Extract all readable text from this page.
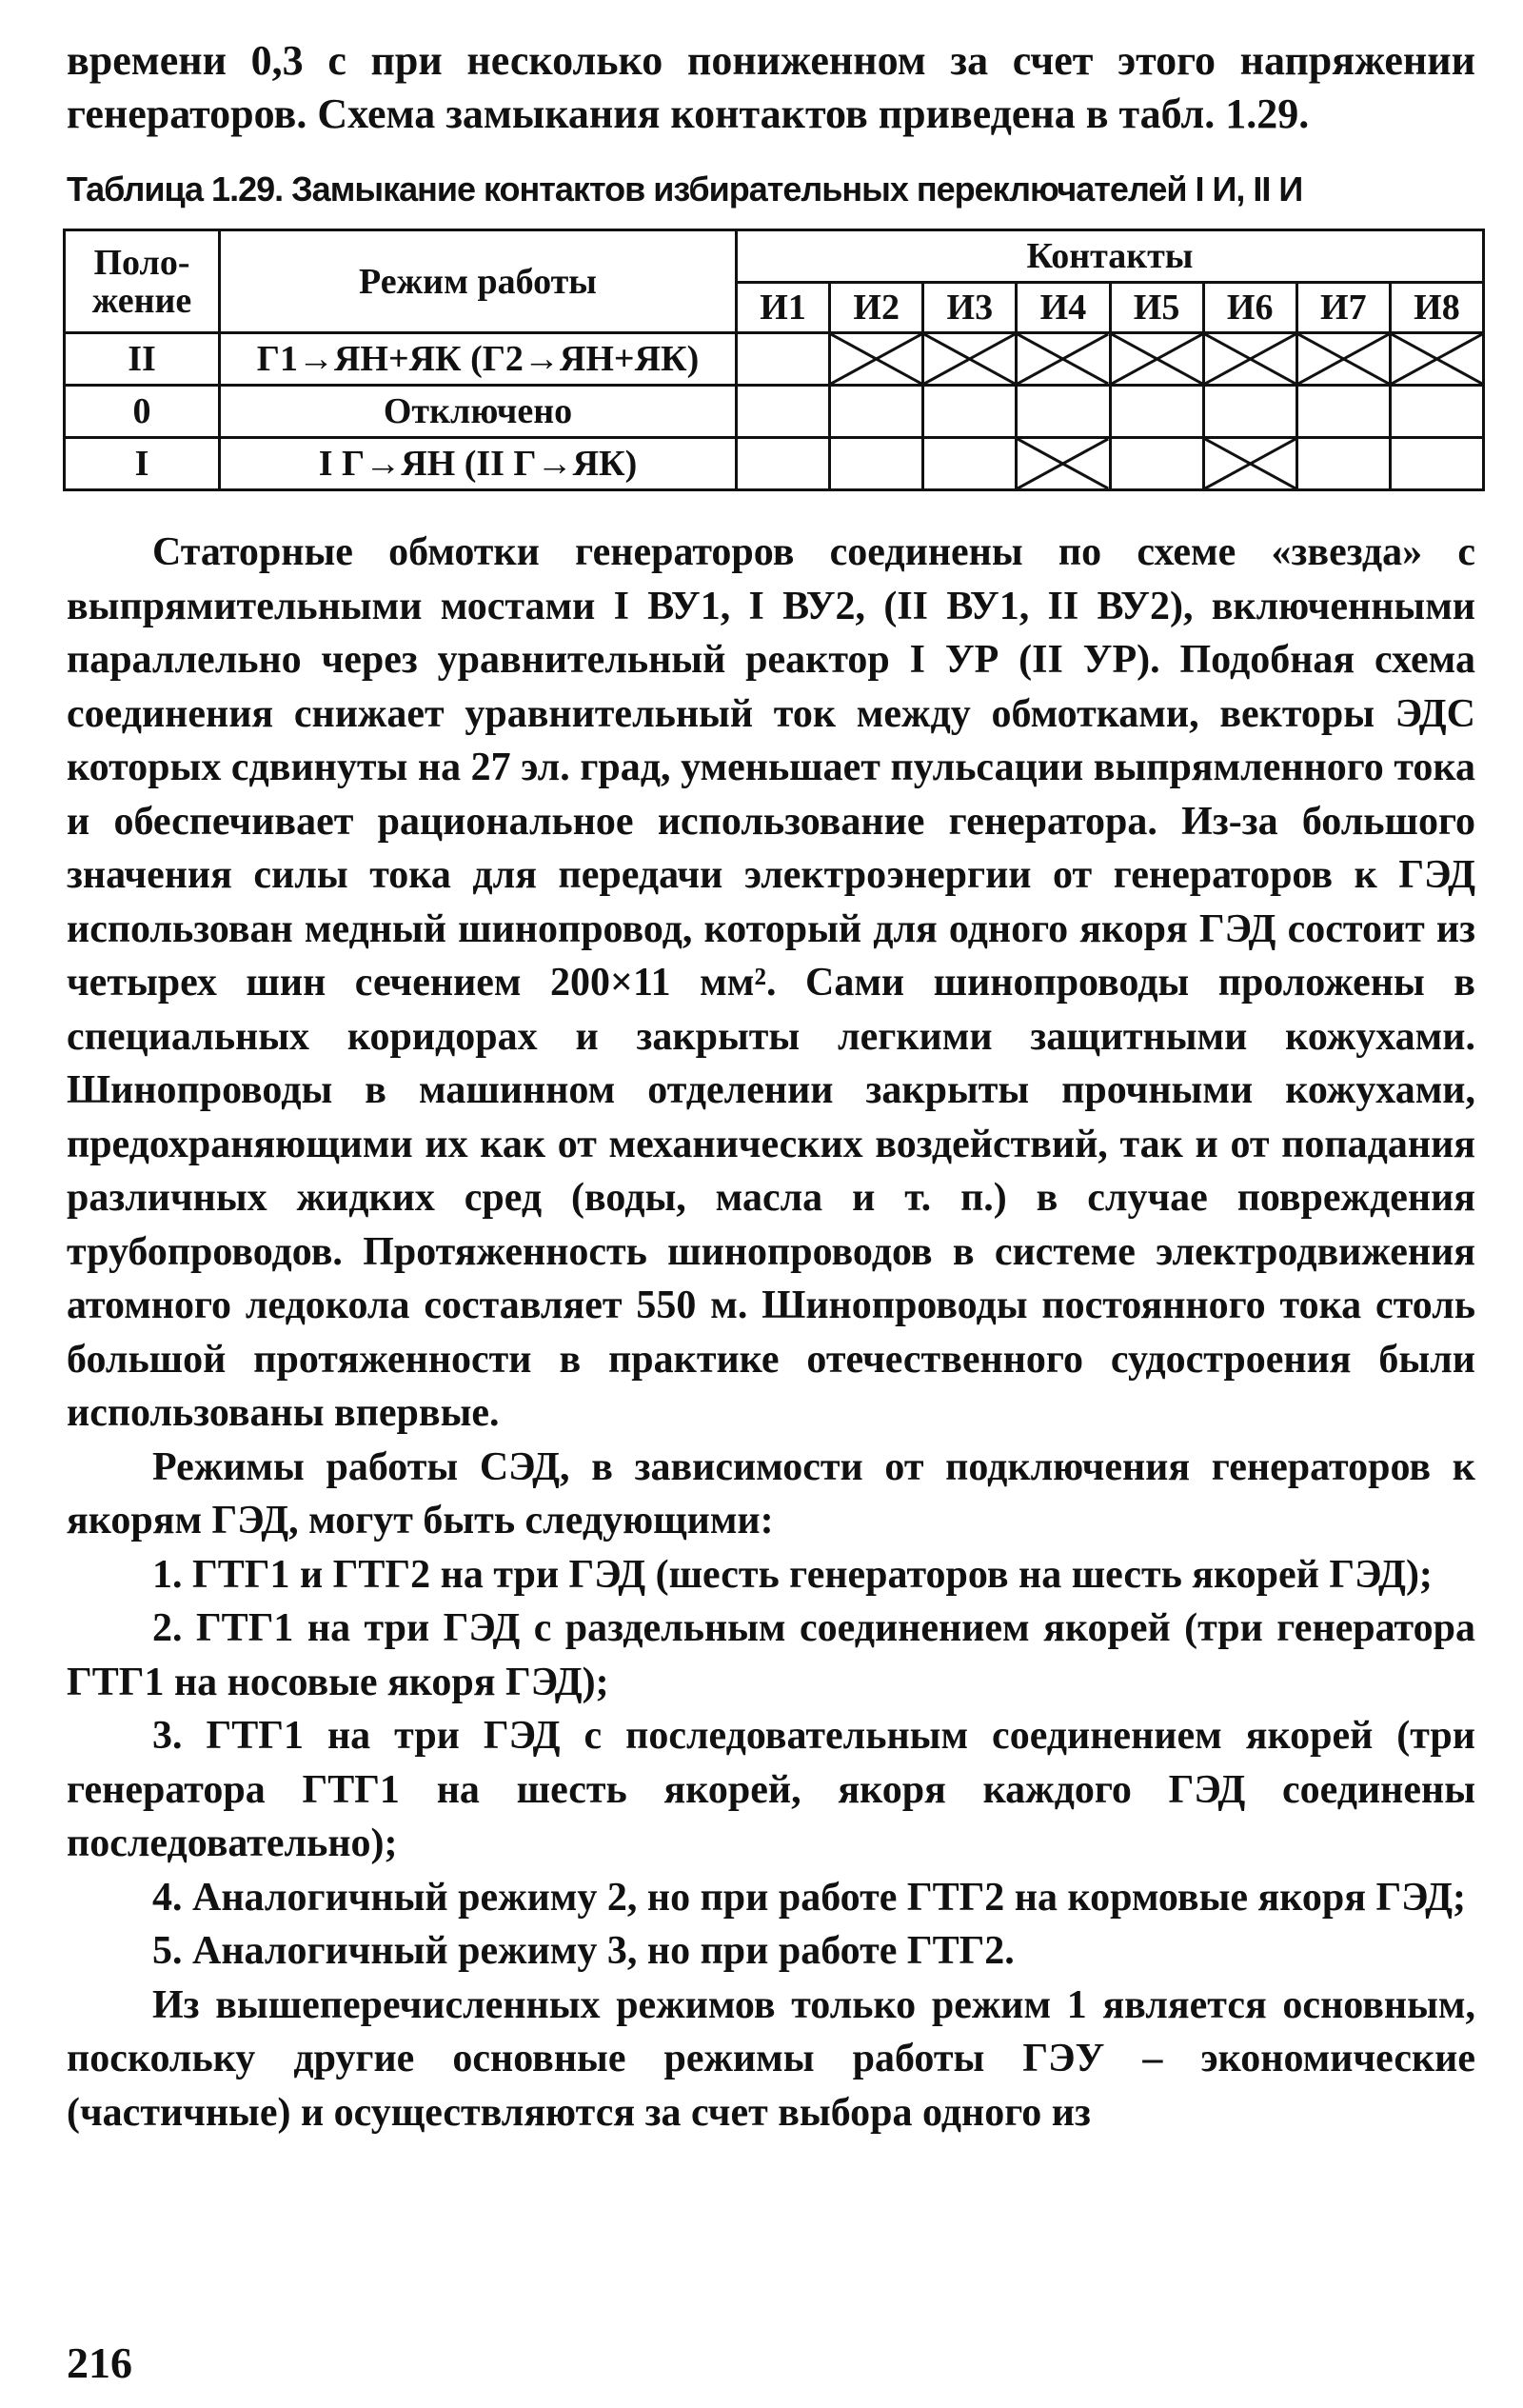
времени 0,3 с при несколько пониженном за счет этого напряжении генераторов. Схема замыкания контактов приведена в табл. 1.29.

Таблица 1.29. Замыкание контактов избирательных переключателей I И, II И
Поло-жение	Режим работы	Контакты							
		И1	И2	И3	И4	И5	И6	И7	И8
II	Г1→ЯН+ЯК (Г2→ЯН+ЯК)		

0	Отключено								
I	I Г→ЯН (II Г→ЯК)				

Статорные обмотки генераторов соединены по схеме «звезда» с выпрямительными мостами I ВУ1, I ВУ2, (II ВУ1, II ВУ2), включенными параллельно через уравнительный реактор I УР (II УР). Подобная схема соединения снижает уравнительный ток между обмотками, векторы ЭДС которых сдвинуты на 27 эл. град, уменьшает пульсации выпрямленного тока и обеспечивает рациональное использование генератора. Из-за большого значения силы тока для передачи электроэнергии от генераторов к ГЭД использован медный шинопровод, который для одного якоря ГЭД состоит из четырех шин сечением 200×11 мм². Сами шинопроводы проложены в специальных коридорах и закрыты легкими защитными кожухами. Шинопроводы в машинном отделении закрыты прочными кожухами, предохраняющими их как от механических воздействий, так и от попадания различных жидких сред (воды, масла и т. п.) в случае повреждения трубопроводов. Протяженность шинопроводов в системе электродвижения атомного ледокола составляет 550 м. Шинопроводы постоянного тока столь большой протяженности в практике отечественного судостроения были использованы впервые.

Режимы работы СЭД, в зависимости от подключения генераторов к якорям ГЭД, могут быть следующими:

1. ГТГ1 и ГТГ2 на три ГЭД (шесть генераторов на шесть якорей ГЭД);

2. ГТГ1 на три ГЭД с раздельным соединением якорей (три генератора ГТГ1 на носовые якоря ГЭД);

3. ГТГ1 на три ГЭД с последовательным соединением якорей (три генератора ГТГ1 на шесть якорей, якоря каждого ГЭД соединены последовательно);

4. Аналогичный режиму 2, но при работе ГТГ2 на кормовые якоря ГЭД;

5. Аналогичный режиму 3, но при работе ГТГ2.

Из вышеперечисленных режимов только режим 1 является основным, поскольку другие основные режимы работы ГЭУ – экономические (частичные) и осуществляются за счет выбора одного из

216
